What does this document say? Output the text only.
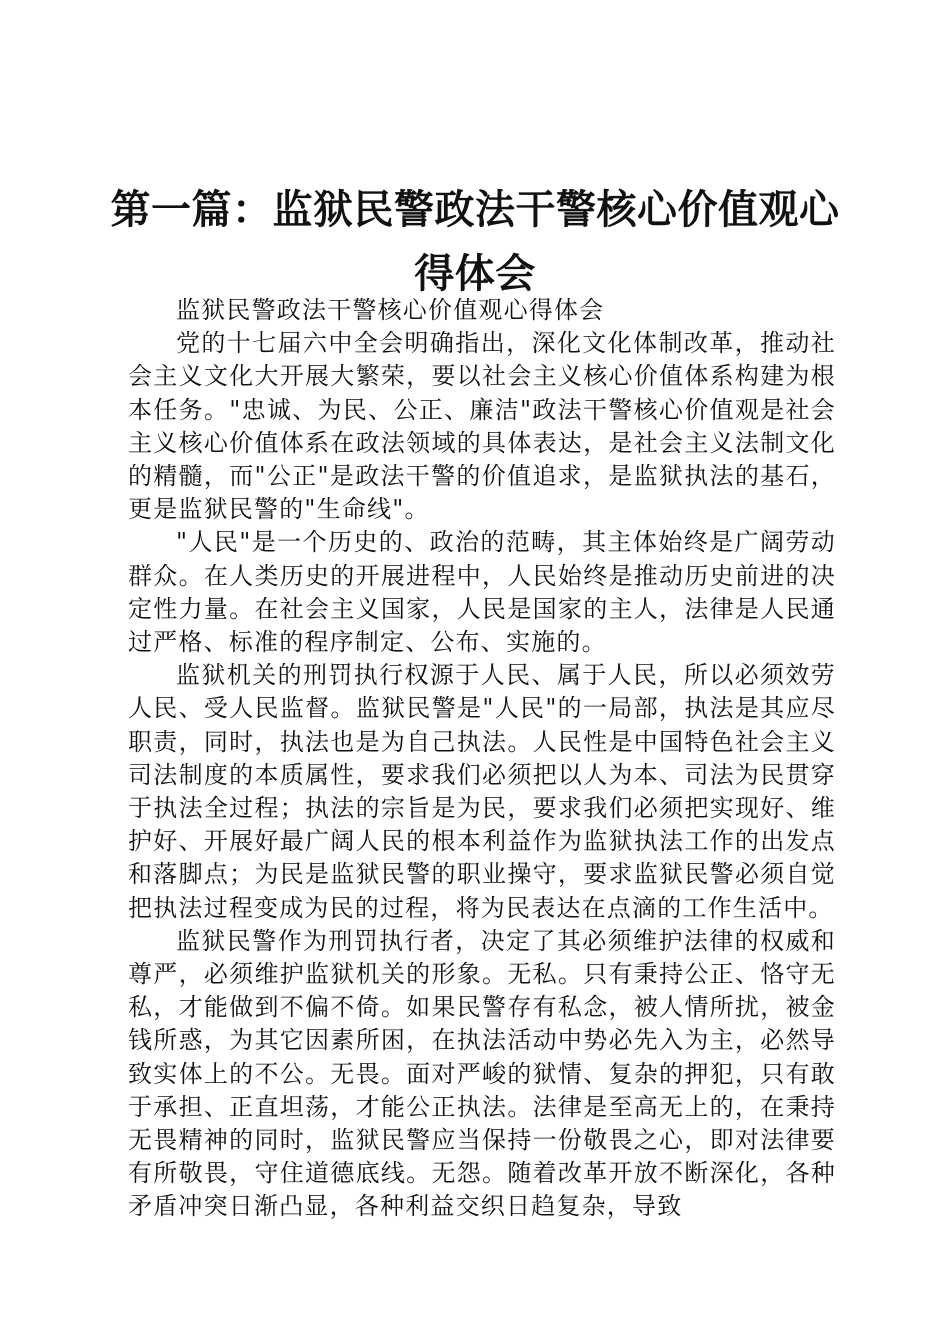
第一篇：监狱民警政法干警核心价值观心得体会

监狱民警政法干警核心价值观心得体会

党的十七届六中全会明确指出，深化文化体制改革，推动社会主义文化大开展大繁荣，要以社会主义核心价值体系构建为根本任务。"忠诚、为民、公正、廉洁"政法干警核心价值观是社会主义核心价值体系在政法领域的具体表达，是社会主义法制文化的精髓，而"公正"是政法干警的价值追求，是监狱执法的基石，更是监狱民警的"生命线"。

"人民"是一个历史的、政治的范畴，其主体始终是广阔劳动群众。在人类历史的开展进程中，人民始终是推动历史前进的决定性力量。在社会主义国家，人民是国家的主人，法律是人民通过严格、标准的程序制定、公布、实施的。

监狱机关的刑罚执行权源于人民、属于人民，所以必须效劳人民、受人民监督。监狱民警是"人民"的一局部，执法是其应尽职责，同时，执法也是为自己执法。人民性是中国特色社会主义司法制度的本质属性，要求我们必须把以人为本、司法为民贯穿于执法全过程；执法的宗旨是为民，要求我们必须把实现好、维护好、开展好最广阔人民的根本利益作为监狱执法工作的出发点和落脚点；为民是监狱民警的职业操守，要求监狱民警必须自觉把执法过程变成为民的过程，将为民表达在点滴的工作生活中。

监狱民警作为刑罚执行者，决定了其必须维护法律的权威和尊严，必须维护监狱机关的形象。无私。只有秉持公正、恪守无私，才能做到不偏不倚。如果民警存有私念，被人情所扰，被金钱所惑，为其它因素所困，在执法活动中势必先入为主，必然导致实体上的不公。无畏。面对严峻的狱情、复杂的押犯，只有敢于承担、正直坦荡，才能公正执法。法律是至高无上的，在秉持无畏精神的同时，监狱民警应当保持一份敬畏之心，即对法律要有所敬畏，守住道德底线。无怨。随着改革开放不断深化，各种矛盾冲突日渐凸显，各种利益交织日趋复杂，导致
